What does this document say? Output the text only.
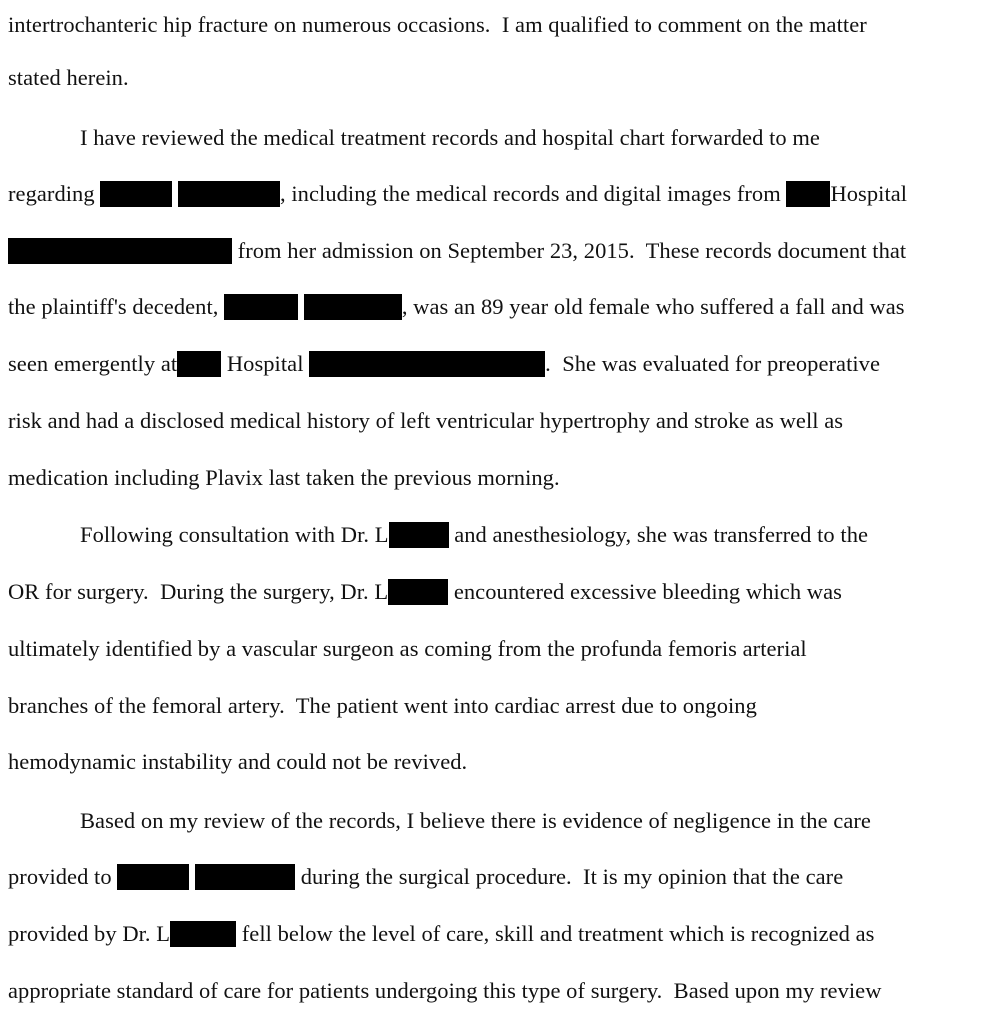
intertrochanteric hip fracture on numerous occasions.  I am qualified to comment on the matter
stated herein.
I have reviewed the medical treatment records and hospital chart forwarded to me
regarding	, including the medical records and digital images from Hospital
from her admission on September 23, 2015.  These records document that
the plaintiff's decedent,	, was an 89 year old female who suffered a fall and was
seen emergently at Hospital	.  She was evaluated for preoperative
risk and had a disclosed medical history of left ventricular hypertrophy and stroke as well as
medication including Plavix last taken the previous morning.
Following consultation with Dr. L	and anesthesiology, she was transferred to the
OR for surgery.  During the surgery, Dr. L	encountered excessive bleeding which was
ultimately identified by a vascular surgeon as coming from the profunda femoris arterial
branches of the femoral artery.  The patient went into cardiac arrest due to ongoing
hemodynamic instability and could not be revived.
Based on my review of the records, I believe there is evidence of negligence in the care
provided to	during the surgical procedure.  It is my opinion that the care
provided by Dr. L	fell below the level of care, skill and treatment which is recognized as
appropriate standard of care for patients undergoing this type of surgery.  Based upon my review
